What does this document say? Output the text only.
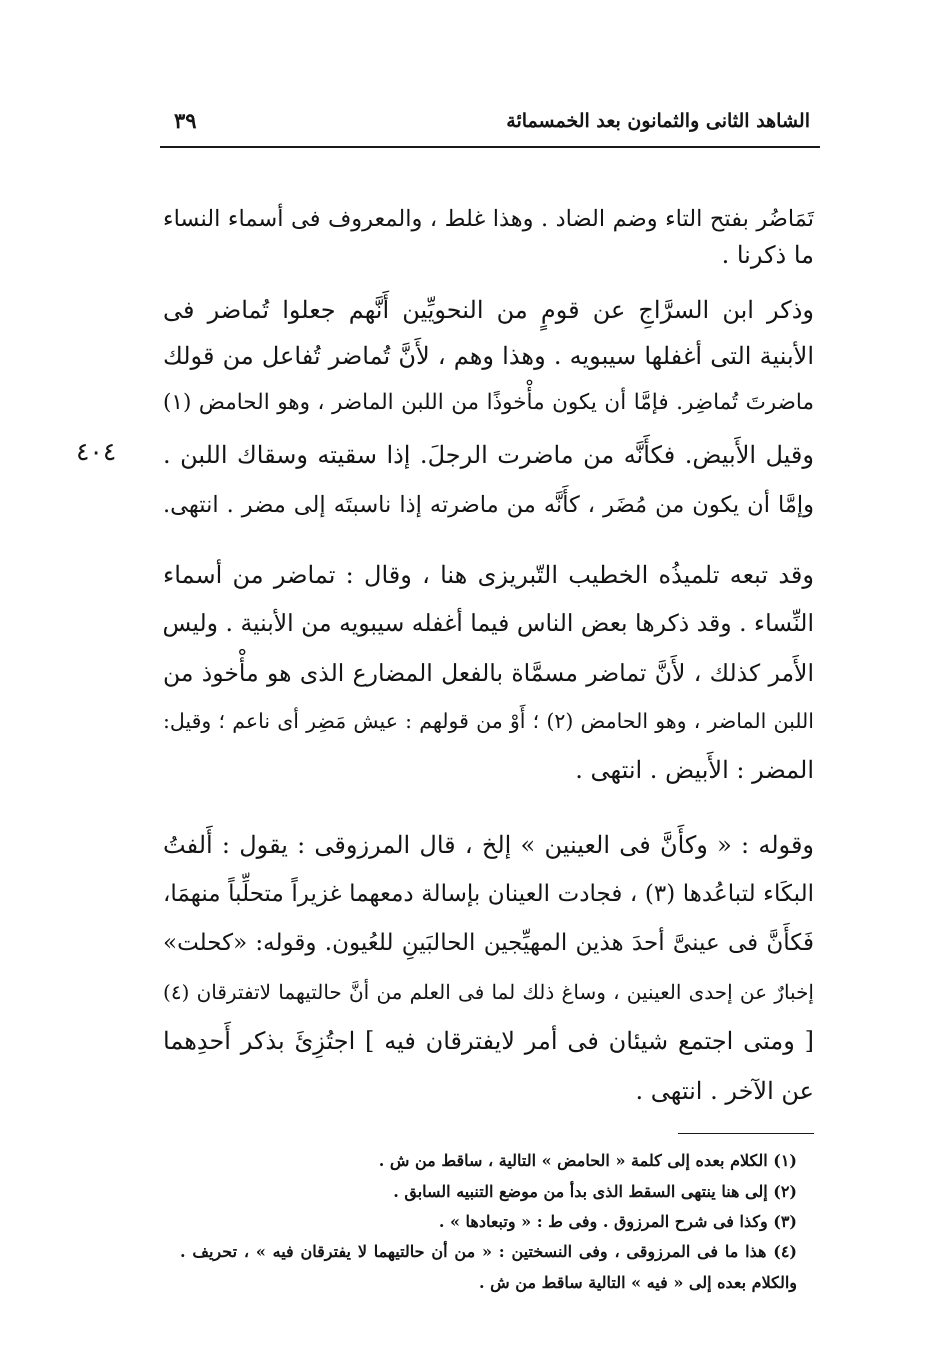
الشاهد الثانى والثمانون بعد الخمسمائة
٣٩
٤٠٤
تَمَاضُر بفتح التاء وضم الضاد . وهذا غلط ، والمعروف فى أسماء النساء
ما ذكرنا .
وذكر ابن السرَّاجِ عن قومٍ من النحويِّين أَنَّهم جعلوا تُماضر فى
الأبنية التى أغفلها سيبويه . وهذا وهم ، لأَنَّ تُماضر تُفاعل من قولك
ماضرتَ تُماضِر. فإمَّا أن يكون مأْخوذًا من اللبن الماضر ، وهو الحامض (١)
وقيل الأَبيض. فكأَنَّه من ماضرت الرجلَ. إذا سقيته وسقاك اللبن .
وإمَّا أن يكون من مُضَر ، كأَنَّه من ماضرته إذا ناسبتَه إلى مضر . انتهى.
وقد تبعه تلميذُه الخطيب التّبريزى هنا ، وقال : تماضر من أسماء
النِّساء . وقد ذكرها بعض الناس فيما أغفله سيبويه من الأبنية . وليس
الأَمر كذلك ، لأَنَّ تماضر مسمَّاة بالفعل المضارع الذى هو مأْخوذ من
اللبن الماضر ، وهو الحامض (٢) ؛ أَوْ من قولهم : عيش مَضِر أى ناعم ؛ وقيل:
المضر : الأَبيض . انتهى .
وقوله : « وكأَنَّ فى العينين » إلخ ، قال المرزوقى : يقول : أَلفتُ
البكَاء لتباعُدها (٣) ، فجادت العينان بإسالة دمعهما غزيراً متحلِّباً منهمَا،
فَكأَنَّ فى عينىَّ أحدَ هذين المهيِّجين الحالبَينِ للعُيون. وقوله: «كحلت»
إخبارٌ عن إحدى العينين ، وساغ ذلك لما فى العلم من أنَّ حالتيهما لاتفترقان (٤)
[ ومتى اجتمع شيئان فى أمر لايفترقان فيه ] اجتُزِئَ بذكر أَحدِهما
عن الآخر . انتهى .
(١) الكلام بعده إلى كلمة « الحامض » التالية ، ساقط من ش .
(٢) إلى هنا ينتهى السقط الذى بدأ من موضع التنبيه السابق .
(٣) وكذا فى شرح المرزوق . وفى ط : « وتبعادها » .
(٤) هذا ما فى المرزوقى ، وفى النسختين : « من أن حالتيهما لا يفترقان فيه » ، تحريف .
والكلام بعده إلى « فيه » التالية ساقط من ش .
